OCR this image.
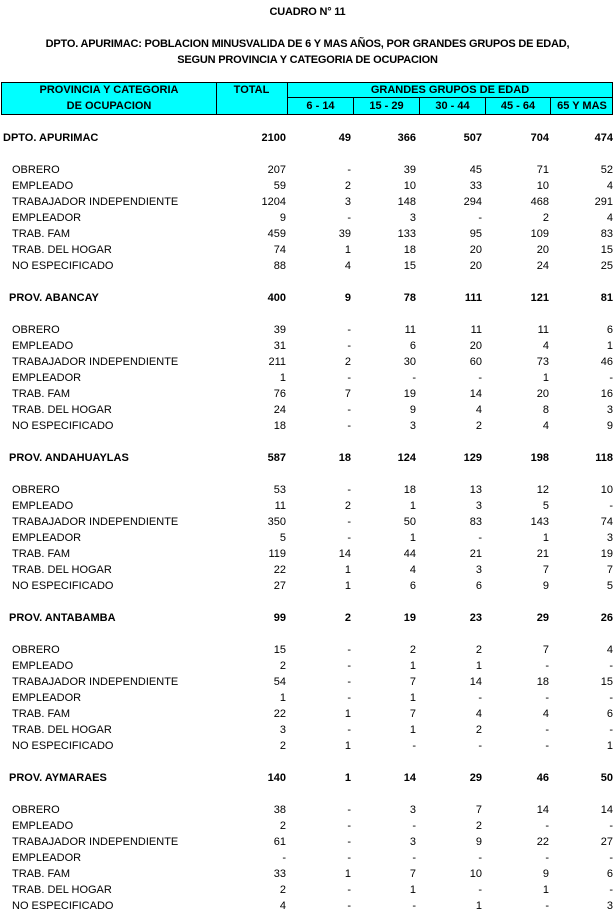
CUADRO N° 11
DPTO. APURIMAC: POBLACION MINUSVALIDA DE 6 Y MAS AÑOS, POR GRANDES GRUPOS DE EDAD,
SEGUN PROVINCIA Y CATEGORIA DE OCUPACION
PROVINCIA Y CATEGORIA
DE OCUPACION
TOTAL	GRANDES GRUPOS DE EDAD
6 - 14	15 - 29	30 - 44	45 - 64	65 Y MAS
DPTO. APURIMAC	2100	49	366	507	704	474
OBRERO	207	-	39	45	71	52
EMPLEADO	59	2	10	33	10	4
TRABAJADOR INDEPENDIENTE	1204	3	148	294	468	291
EMPLEADOR	9	-	3	-	2	4
TRAB. FAM	459	39	133	95	109	83
TRAB. DEL HOGAR	74	1	18	20	20	15
NO ESPECIFICADO	88	4	15	20	24	25
PROV. ABANCAY	400	9	78	111	121	81
OBRERO	39	-	11	11	11	6
EMPLEADO	31	-	6	20	4	1
TRABAJADOR INDEPENDIENTE	211	2	30	60	73	46
EMPLEADOR	1	-	-	-	1	-
TRAB. FAM	76	7	19	14	20	16
TRAB. DEL HOGAR	24	-	9	4	8	3
NO ESPECIFICADO	18	-	3	2	4	9
PROV. ANDAHUAYLAS	587	18	124	129	198	118
OBRERO	53	-	18	13	12	10
EMPLEADO	11	2	1	3	5	-
TRABAJADOR INDEPENDIENTE	350	-	50	83	143	74
EMPLEADOR	5	-	1	-	1	3
TRAB. FAM	119	14	44	21	21	19
TRAB. DEL HOGAR	22	1	4	3	7	7
NO ESPECIFICADO	27	1	6	6	9	5
PROV. ANTABAMBA	99	2	19	23	29	26
OBRERO	15	-	2	2	7	4
EMPLEADO	2	-	1	1	-	-
TRABAJADOR INDEPENDIENTE	54	-	7	14	18	15
EMPLEADOR	1	-	1	-	-	-
TRAB. FAM	22	1	7	4	4	6
TRAB. DEL HOGAR	3	-	1	2	-	-
NO ESPECIFICADO	2	1	-	-	-	1
PROV. AYMARAES	140	1	14	29	46	50
OBRERO	38	-	3	7	14	14
EMPLEADO	2	-	-	2	-	-
TRABAJADOR INDEPENDIENTE	61	-	3	9	22	27
EMPLEADOR	-	-	-	-	-	-
TRAB. FAM	33	1	7	10	9	6
TRAB. DEL HOGAR	2	-	1	-	1	-
NO ESPECIFICADO	4	-	-	1	-	3
